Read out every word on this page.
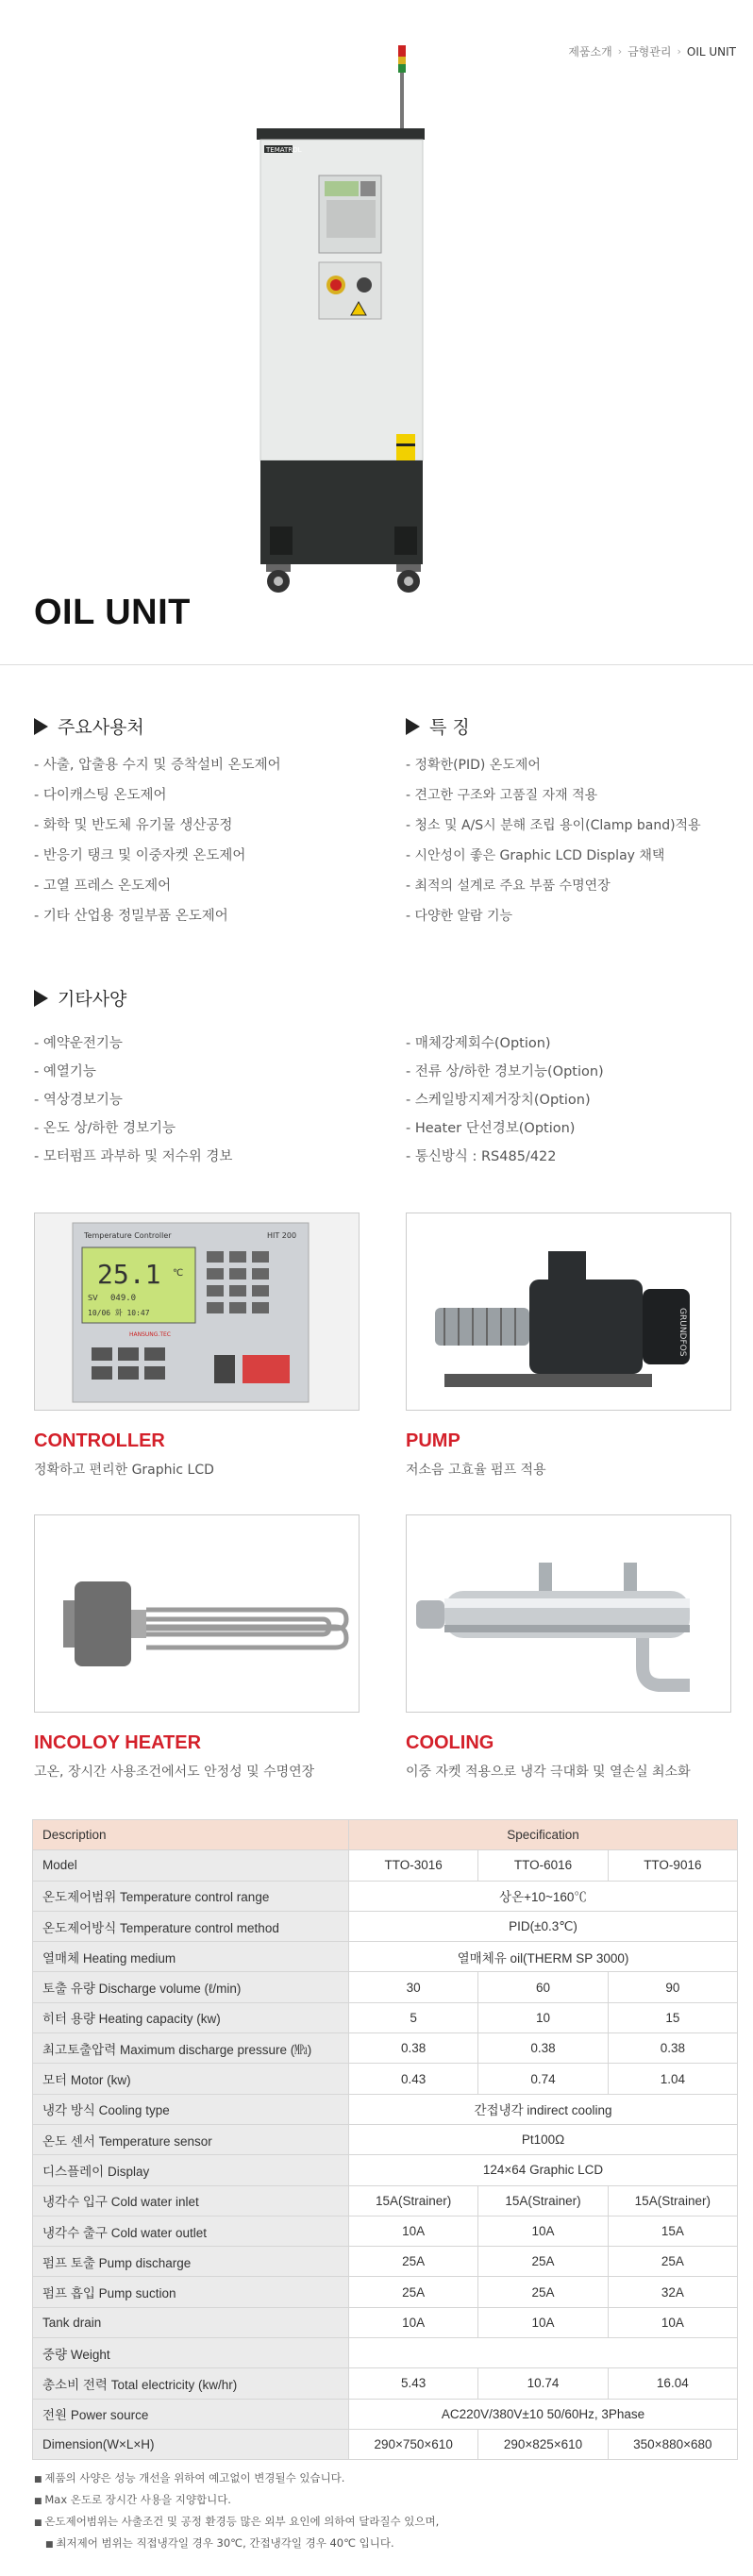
제품소개 › 금형관리 › OIL UNIT
TEMATROL
OIL UNIT
주요사용처
- 사출, 압출용 수지 및 증착설비 온도제어
- 다이캐스팅 온도제어
- 화학 및 반도체 유기물 생산공정
- 반응기 탱크 및 이중자켓 온도제어
- 고열 프레스 온도제어
- 기타 산업용 정밀부품 온도제어
특 징
- 정확한(PID) 온도제어
- 견고한 구조와 고품질 자재 적용
- 청소 및 A/S시 분해 조립 용이(Clamp band)적용
- 시안성이 좋은 Graphic LCD Display 채택
- 최적의 설계로 주요 부품 수명연장
- 다양한 알람 기능
기타사양
- 예약운전기능
- 예열기능
- 역상경보기능
- 온도 상/하한 경보기능
- 모터펌프 과부하 및 저수위 경보
- 매체강제회수(Option)
- 전류 상/하한 경보기능(Option)
- 스케일방지제거장치(Option)
- Heater 단선경보(Option)
- 통신방식 : RS485/422
Temperature Controller	HIT 200
25.1 ℃
SV 049.0
10/06 화 10:47
HANSUNG.TEC
CONTROLLER
정확하고 편리한 Graphic LCD
GRUNDFOS
PUMP
저소음 고효율 펌프 적용
INCOLOY HEATER
고온, 장시간 사용조건에서도 안정성 및 수명연장
COOLING
이중 자켓 적용으로 냉각 극대화 및 열손실 최소화
Description	Specification		
Model	TTO-3016	TTO-6016	TTO-9016
온도제어범위 Temperature control range	상온+10~160℃		
온도제어방식 Temperature control method	PID(±0.3℃)		
열매체 Heating medium	열매체유 oil(THERM SP 3000)		
토출 유량 Discharge volume (ℓ/min)	30	60	90
히터 용량 Heating capacity (kw)	5	10	15
최고토출압력 Maximum discharge pressure (㎫)	0.38	0.38	0.38
모터 Motor (kw)	0.43	0.74	1.04
냉각 방식 Cooling type	간접냉각 indirect cooling		
온도 센서 Temperature sensor	Pt100Ω		
디스플레이 Display	124×64 Graphic LCD		
냉각수 입구 Cold water inlet	15A(Strainer)	15A(Strainer)	15A(Strainer)
냉각수 출구 Cold water outlet	10A	10A	15A
펌프 토출 Pump discharge	25A	25A	25A
펌프 흡입 Pump suction	25A	25A	32A
Tank drain	10A	10A	10A
중량 Weight			
총소비 전력 Total electricity (kw/hr)	5.43	10.74	16.04
전원 Power source	AC220V/380V±10 50/60Hz, 3Phase		
Dimension(W×L×H)	290×750×610	290×825×610	350×880×680
■ 제품의 사양은 성능 개선을 위하여 예고없이 변경될수 있습니다.
■ Max 온도로 장시간 사용을 지양합니다.
■ 온도제어범위는 사출조건 및 공정 환경등 많은 외부 요인에 의하여 달라질수 있으며,
■ 최저제어 범위는 직접냉각일 경우 30℃, 간접냉각일 경우 40℃ 입니다.
